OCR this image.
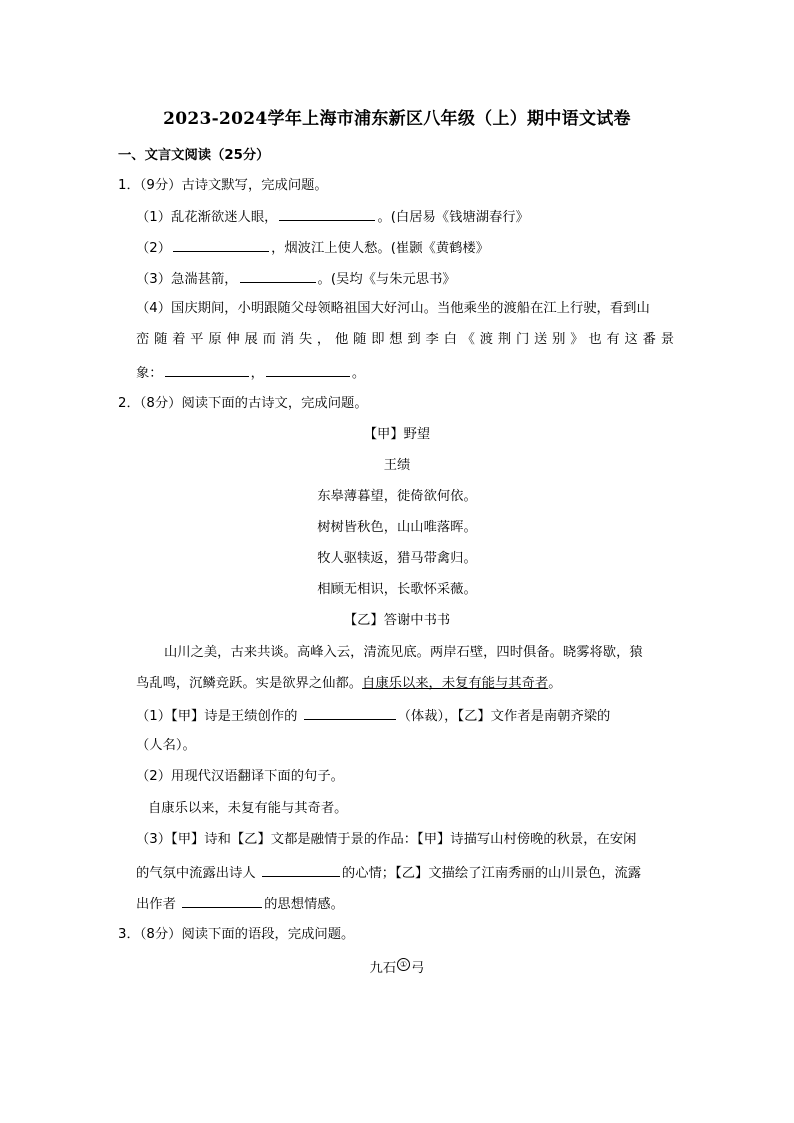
2023-2024学年上海市浦东新区八年级（上）期中语文试卷
一、文言文阅读（25分）
1．（9分）古诗文默写，完成问题。
（1）乱花渐欲迷人眼，	。(白居易《钱塘湖春行》
（2）	，烟波江上使人愁。(崔颢《黄鹤楼》
（3）急湍甚箭，	。(吴均《与朱元思书》
（4）国庆期间，小明跟随父母领略祖国大好河山。当他乘坐的渡船在江上行驶，看到山
峦随着平原伸展而消失，他随即想到李白《渡荆门送别》也有这番景
象：	，	。
2．（8分）阅读下面的古诗文，完成问题。
【甲】野望
王绩
东皋薄暮望，徙倚欲何依。
树树皆秋色，山山唯落晖。
牧人驱犊返，猎马带禽归。
相顾无相识，长歌怀采薇。
【乙】答谢中书书
山川之美，古来共谈。高峰入云，清流见底。两岸石壁，四时俱备。晓雾将歇，猿
鸟乱鸣，沉鳞竞跃。实是欲界之仙都。自康乐以来，未复有能与其奇者。
（1）【甲】诗是王绩创作的	（体裁），【乙】文作者是南朝齐梁的
（人名）。
（2）用现代汉语翻译下面的句子。
自康乐以来，未复有能与其奇者。
（3）【甲】诗和【乙】文都是融情于景的作品：【甲】诗描写山村傍晚的秋景，在安闲
的气氛中流露出诗人	的心情；【乙】文描绘了江南秀丽的山川景色，流露
出作者	的思想情感。
3．（8分）阅读下面的语段，完成问题。
九石 ① 弓
